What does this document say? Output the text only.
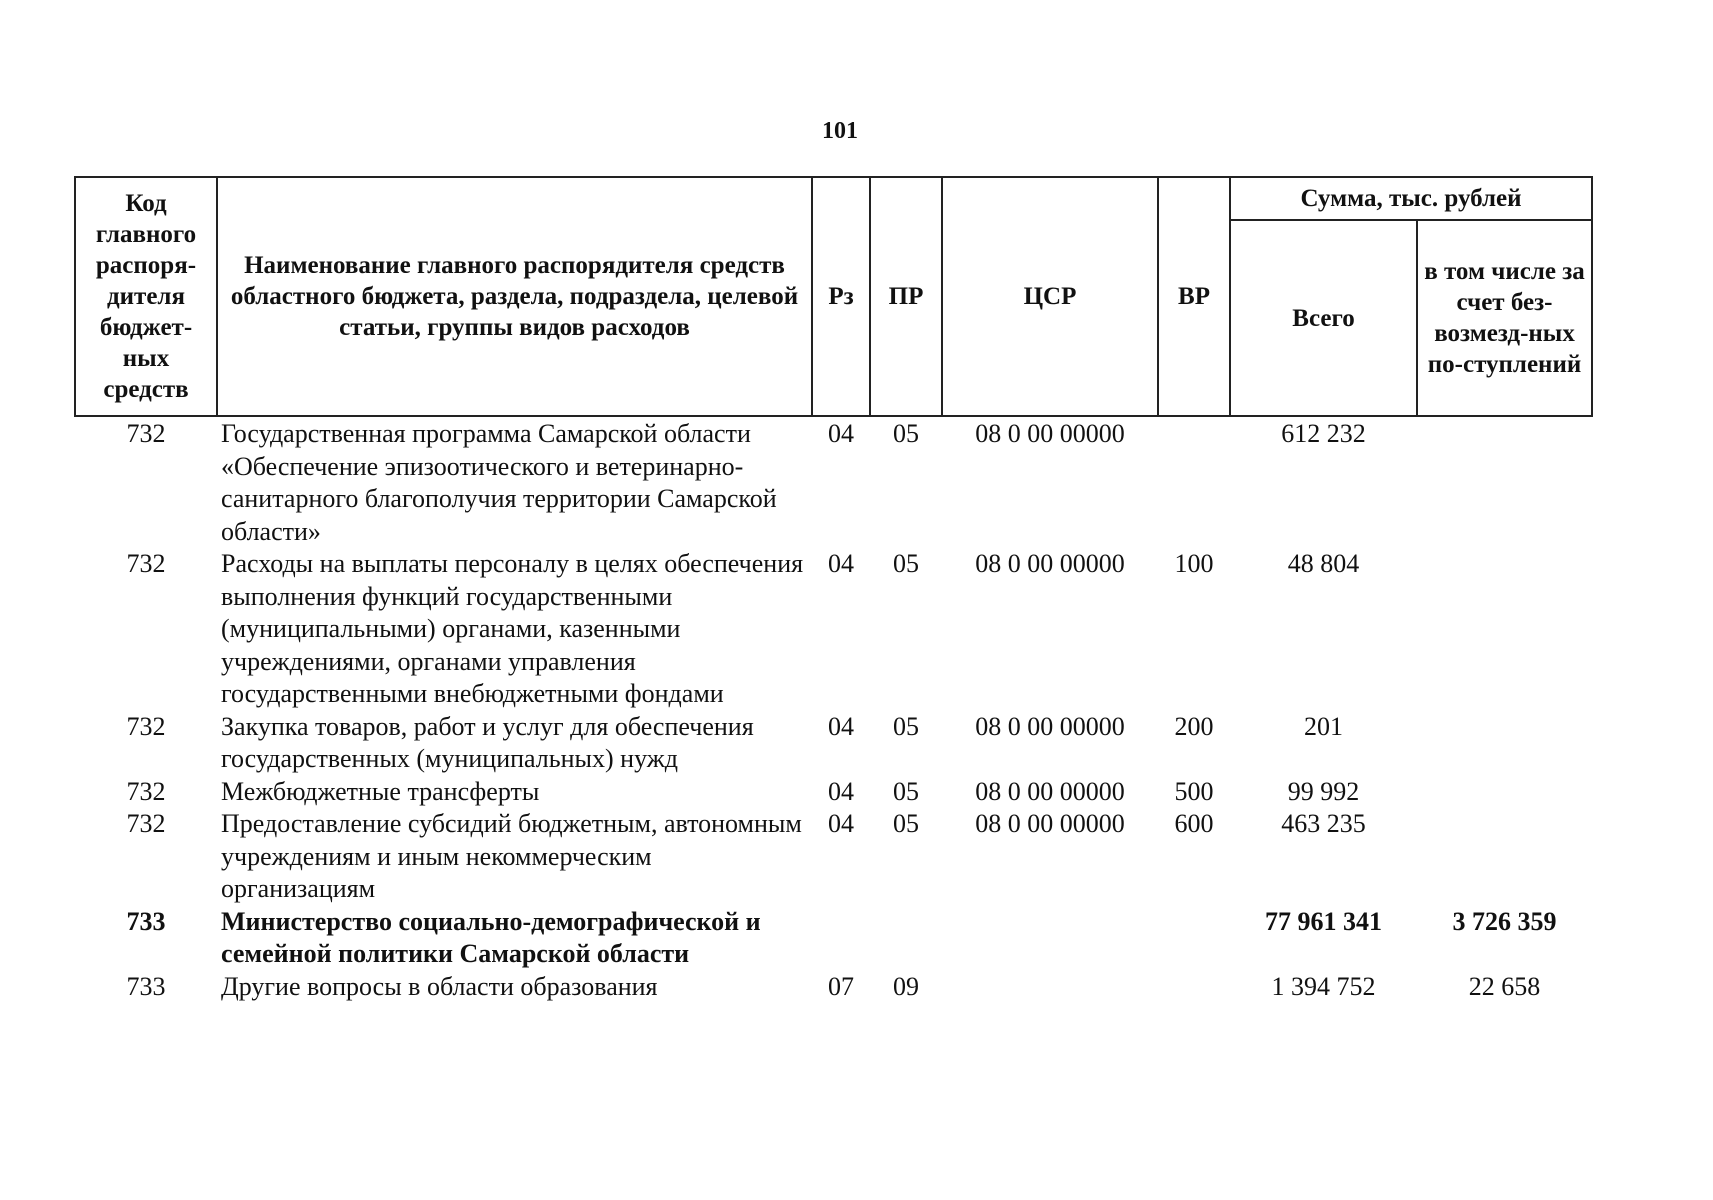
101
Код главного распоря-дителя бюджет-ных средств	Наименование главного распорядителя средств областного бюджета, раздела, подраздела, целевой статьи, группы видов расходов	Рз	ПР	ЦСР	ВР	Сумма, тыс. рублей	
						Всего	в том числе за счет без-возмезд-ных по-ступлений
732	Государственная программа Самарской области «Обеспечение эпизоотического и ветеринарно-санитарного благополучия территории Самарской области»	04	05	08 0 00 00000		612 232	
732	Расходы на выплаты персоналу в целях обеспечения выполнения функций государственными (муниципальными) органами, казенными учреждениями, органами управления государственными внебюджетными фондами	04	05	08 0 00 00000	100	48 804	
732	Закупка товаров, работ и услуг для обеспечения государственных (муниципальных) нужд	04	05	08 0 00 00000	200	201	
732	Межбюджетные трансферты	04	05	08 0 00 00000	500	99 992	
732	Предоставление субсидий бюджетным, автономным учреждениям и иным некоммерческим организациям	04	05	08 0 00 00000	600	463 235	
733	Министерство социально-демографической и семейной политики Самарской области					77 961 341	3 726 359
733	Другие вопросы в области образования	07	09			1 394 752	22 658
